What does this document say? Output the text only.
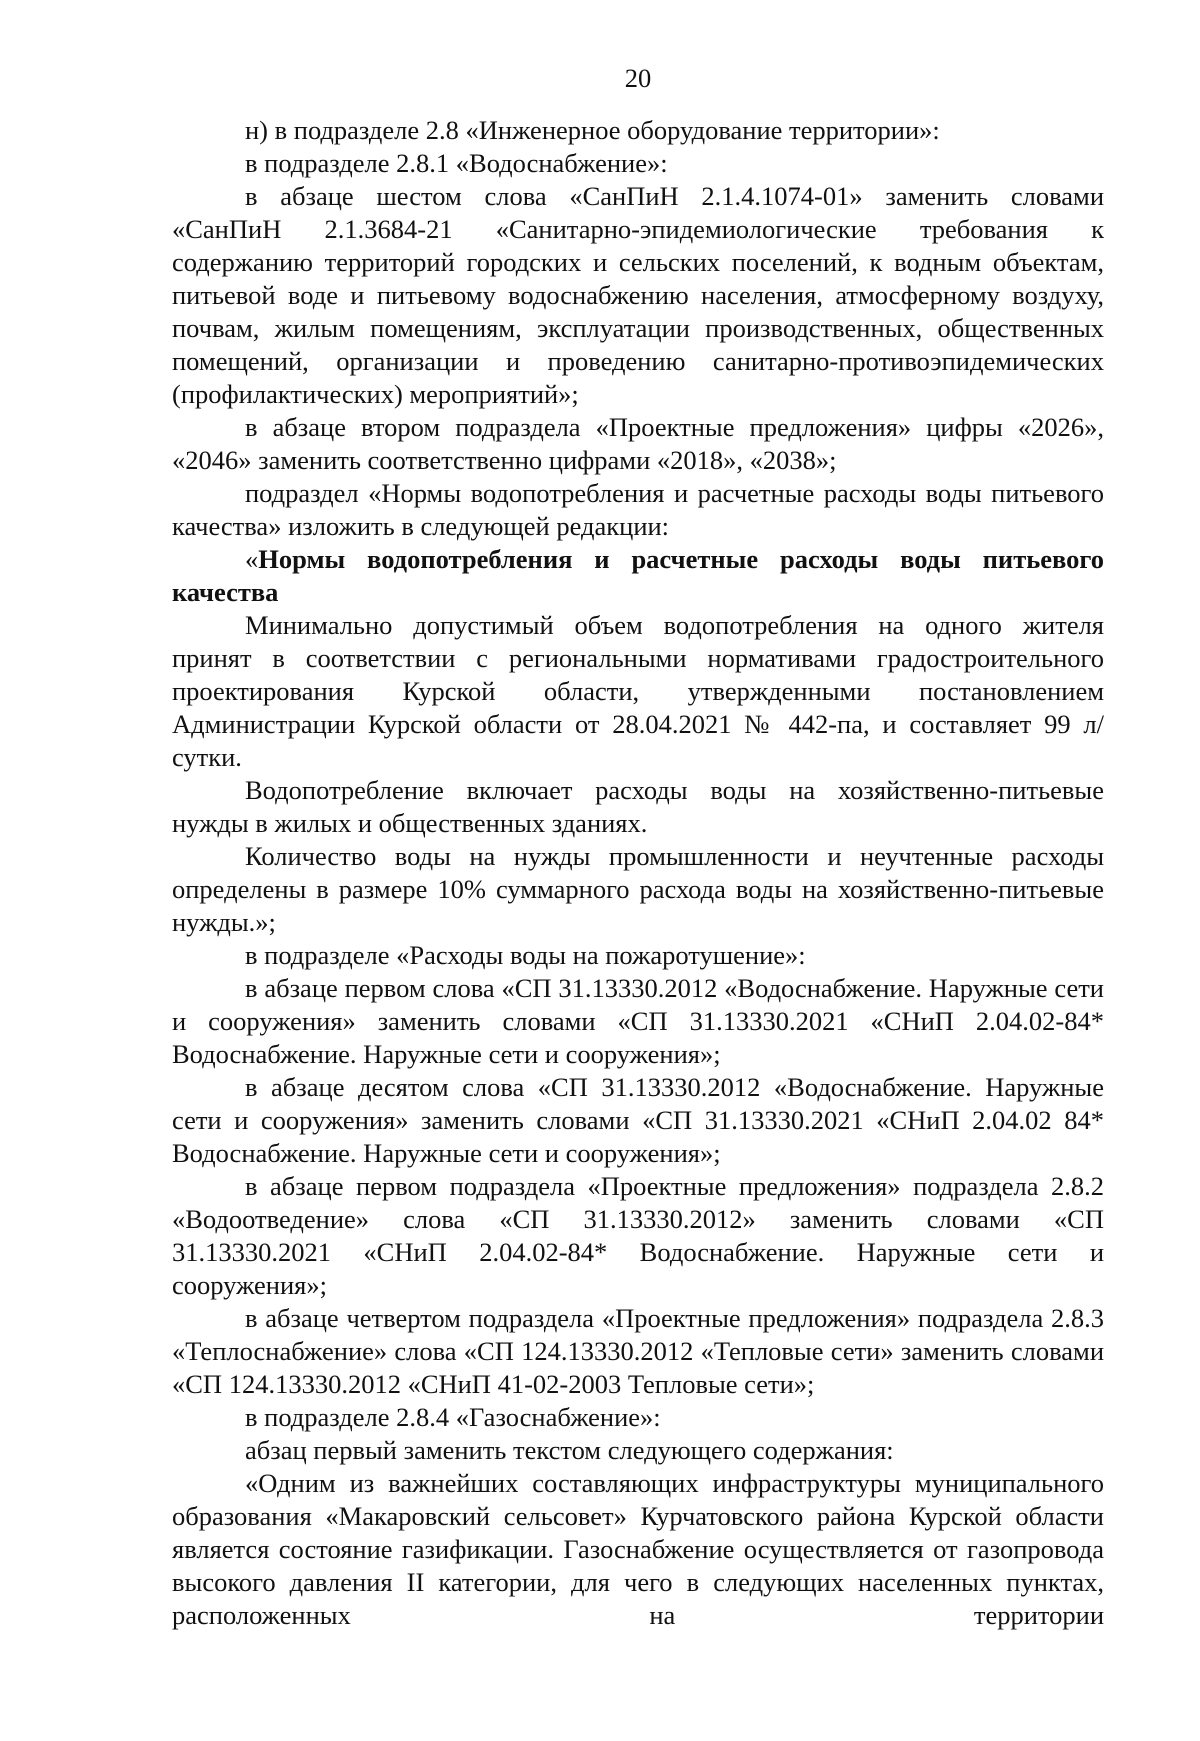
20

н) в подразделе 2.8 «Инженерное оборудование территории»:

в подразделе 2.8.1 «Водоснабжение»:

в абзаце шестом слова «СанПиН 2.1.4.1074-01» заменить словами «СанПиН 2.1.3684-21 «Санитарно-эпидемиологические требования к содержанию территорий городских и сельских поселений, к водным объектам, питьевой воде и питьевому водоснабжению населения, атмосферному воздуху, почвам, жилым помещениям, эксплуатации производственных, общественных помещений, организации и проведению санитарно-противоэпидемических (профилактических) мероприятий»;

в абзаце втором подраздела «Проектные предложения» цифры «2026», «2046» заменить соответственно цифрами «2018», «2038»;

подраздел «Нормы водопотребления и расчетные расходы воды питьевого качества» изложить в следующей редакции:

«Нормы водопотребления и расчетные расходы воды питьевого качества

Минимально допустимый объем водопотребления на одного жителя принят в соответствии с региональными нормативами градостроительного проектирования Курской области, утвержденными постановлением Администрации Курской области от 28.04.2021 № 442-па, и составляет 99 л/сутки.

Водопотребление включает расходы воды на хозяйственно-питьевые нужды в жилых и общественных зданиях.

Количество воды на нужды промышленности и неучтенные расходы определены в размере 10% суммарного расхода воды на хозяйственно-питьевые нужды.»;

в подразделе «Расходы воды на пожаротушение»:

в абзаце первом слова «СП 31.13330.2012 «Водоснабжение. Наружные сети и сооружения» заменить словами «СП 31.13330.2021 «СНиП 2.04.02-84* Водоснабжение. Наружные сети и сооружения»;

в абзаце десятом слова «СП 31.13330.2012 «Водоснабжение. Наружные сети и сооружения» заменить словами «СП 31.13330.2021 «СНиП 2.04.02 84* Водоснабжение. Наружные сети и сооружения»;

в абзаце первом подраздела «Проектные предложения» подраздела 2.8.2 «Водоотведение» слова «СП 31.13330.2012» заменить словами «СП 31.13330.2021 «СНиП 2.04.02-84* Водоснабжение. Наружные сети и сооружения»;

в абзаце четвертом подраздела «Проектные предложения» подраздела 2.8.3 «Теплоснабжение» слова «СП 124.13330.2012 «Тепловые сети» заменить словами «СП 124.13330.2012 «СНиП 41-02-2003 Тепловые сети»;

в подразделе 2.8.4 «Газоснабжение»:

абзац первый заменить текстом следующего содержания:

«Одним из важнейших составляющих инфраструктуры муниципального образования «Макаровский сельсовет» Курчатовского района Курской области является состояние газификации. Газоснабжение осуществляется от газопровода высокого давления II категории, для чего в следующих населенных пунктах, расположенных на территории
